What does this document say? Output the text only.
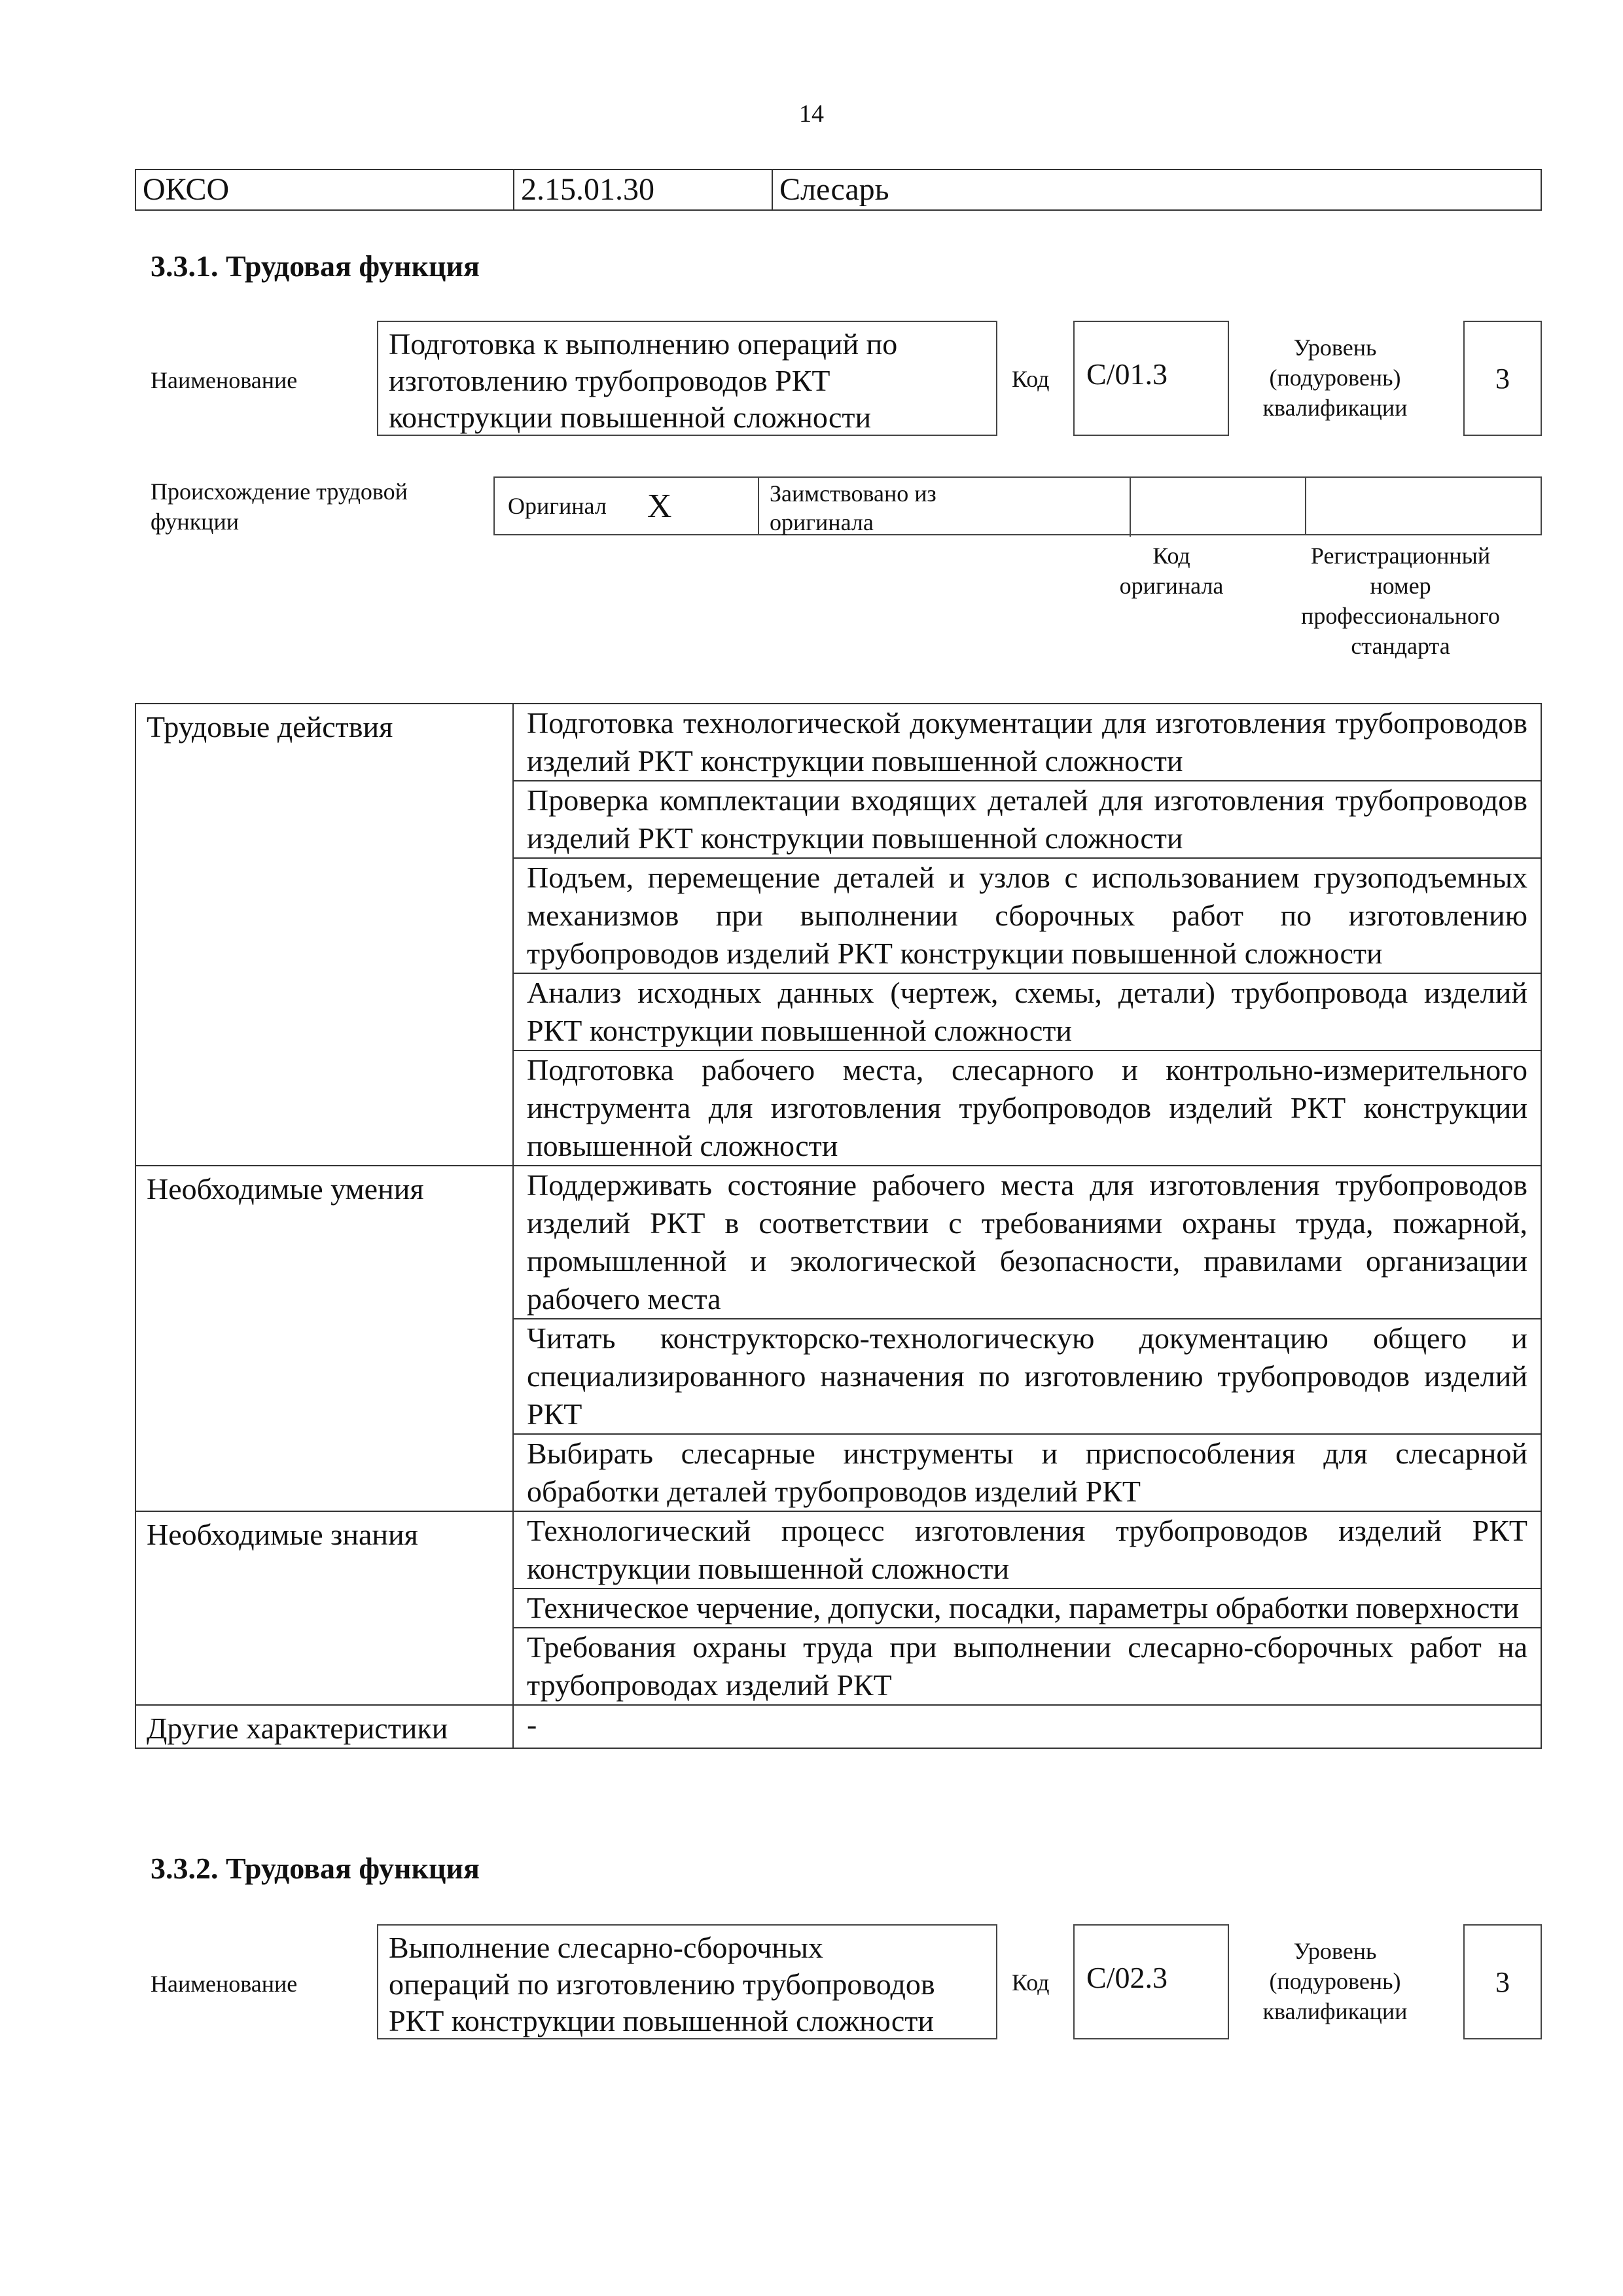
14
ОКСО	2.15.01.30	Слесарь
3.3.1. Трудовая функция
Наименование
Подготовка к выполнению операций по
изготовлению трубопроводов РКТ
конструкции повышенной сложности
Код	С/01.3
Уровень
(подуровень)
квалификации
3
Происхождение трудовой
функции
Оригинал X	Заимствовано из
оригинала
Код
оригинала
Регистрационный
номер
профессионального
стандарта
Трудовые действия	Подготовка технологической документации для изготовления трубопроводов изделий РКТ конструкции повышенной сложности
	Проверка комплектации входящих деталей для изготовления трубопроводов изделий РКТ конструкции повышенной сложности
	Подъем, перемещение деталей и узлов с использованием грузоподъемных механизмов при выполнении сборочных работ по изготовлению трубопроводов изделий РКТ конструкции повышенной сложности
	Анализ исходных данных (чертеж, схемы, детали) трубопровода изделий РКТ конструкции повышенной сложности
	Подготовка рабочего места, слесарного и контрольно-измерительного инструмента для изготовления трубопроводов изделий РКТ конструкции повышенной сложности
Необходимые умения	Поддерживать состояние рабочего места для изготовления трубопроводов изделий РКТ в соответствии с требованиями охраны труда, пожарной, промышленной и экологической безопасности, правилами организации рабочего места
	Читать конструкторско-технологическую документацию общего и специализированного назначения по изготовлению трубопроводов изделий РКТ
	Выбирать слесарные инструменты и приспособления для слесарной обработки деталей трубопроводов изделий РКТ
Необходимые знания	Технологический процесс изготовления трубопроводов изделий РКТ конструкции повышенной сложности
	Техническое черчение, допуски, посадки, параметры обработки поверхности
	Требования охраны труда при выполнении слесарно-сборочных работ на трубопроводах изделий РКТ
Другие характеристики	-
3.3.2. Трудовая функция
Наименование
Выполнение слесарно-сборочных
операций по изготовлению трубопроводов
РКТ конструкции повышенной сложности
Код	С/02.3
Уровень
(подуровень)
квалификации
3
